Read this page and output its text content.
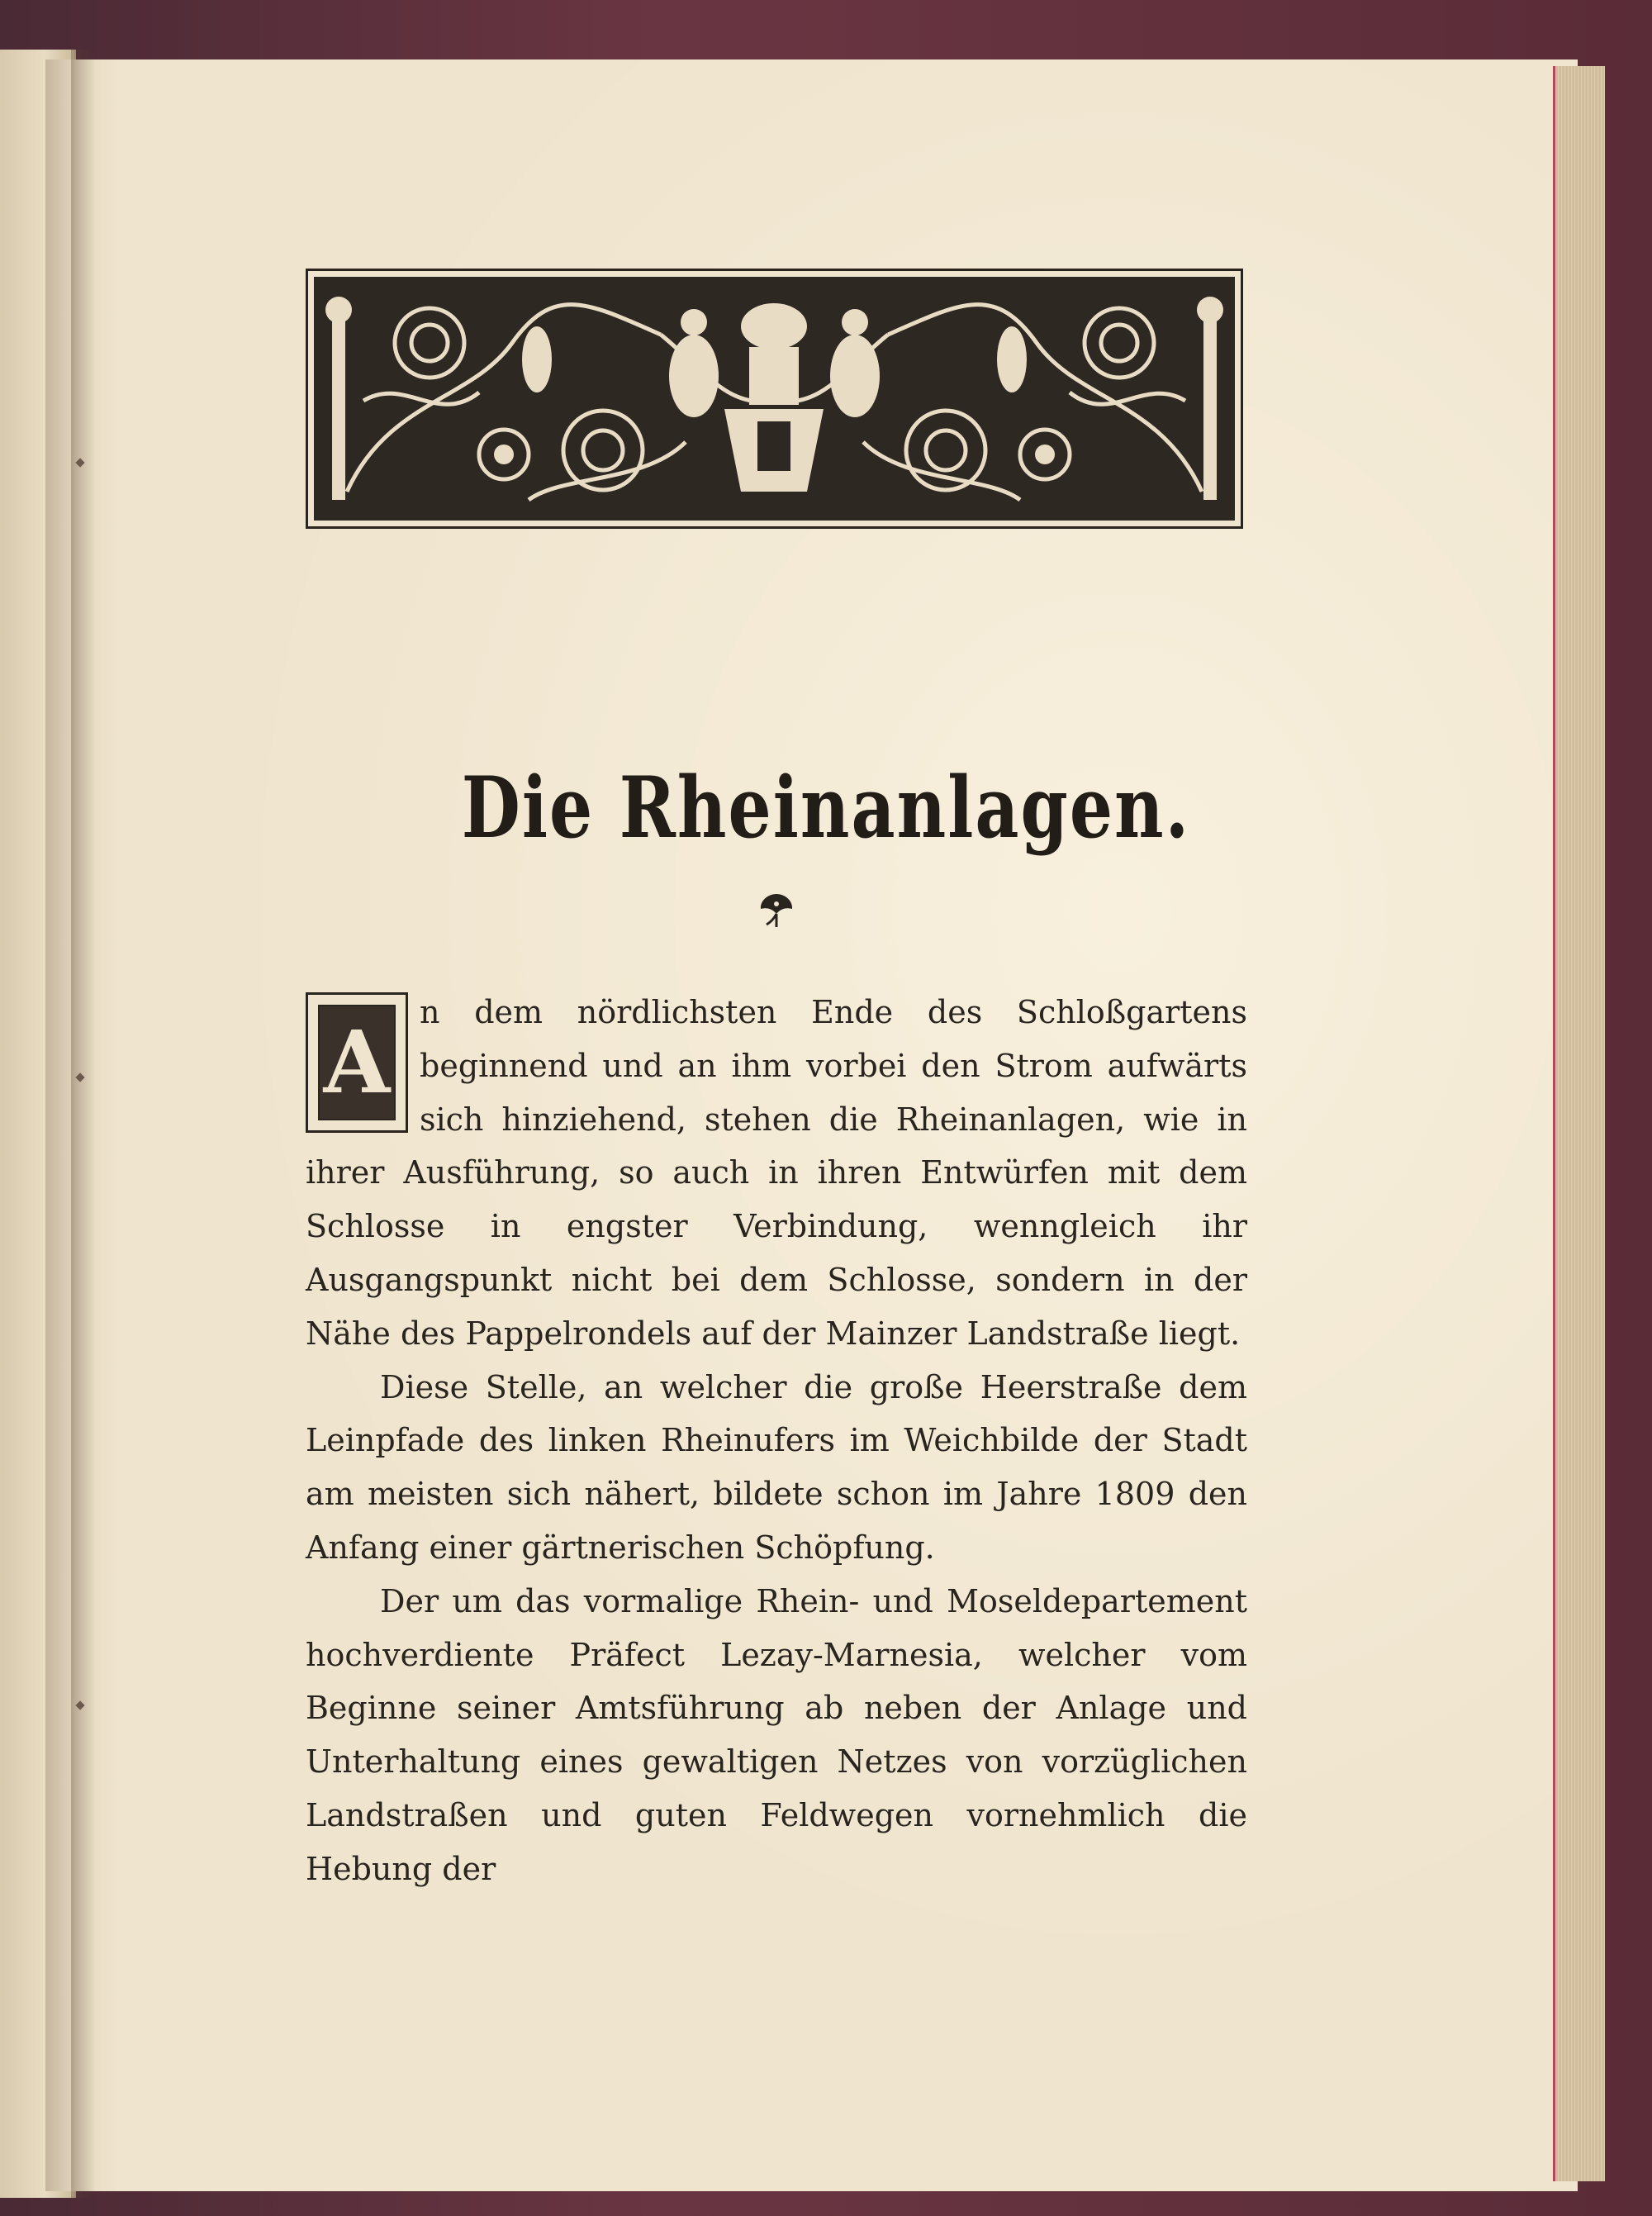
Die Rheinanlagen.

A n dem nördlichsten Ende des Schloßgartens beginnend und an ihm vorbei den Strom aufwärts sich hinziehend, stehen die Rheinanlagen, wie in ihrer Ausführung, so auch in ihren Entwürfen mit dem Schlosse in engster Verbindung, wenngleich ihr Ausgangspunkt nicht bei dem Schlosse, sondern in der Nähe des Pappelrondels auf der Mainzer Landstraße liegt.

Diese Stelle, an welcher die große Heerstraße dem Leinpfade des linken Rheinufers im Weichbilde der Stadt am meisten sich nähert, bildete schon im Jahre 1809 den Anfang einer gärtnerischen Schöpfung.

Der um das vormalige Rhein- und Moseldepartement hochverdiente Präfect Lezay-Marnesia, welcher vom Beginne seiner Amtsführung ab neben der Anlage und Unterhaltung eines gewaltigen Netzes von vorzüglichen Landstraßen und guten Feldwegen vornehmlich die Hebung der
